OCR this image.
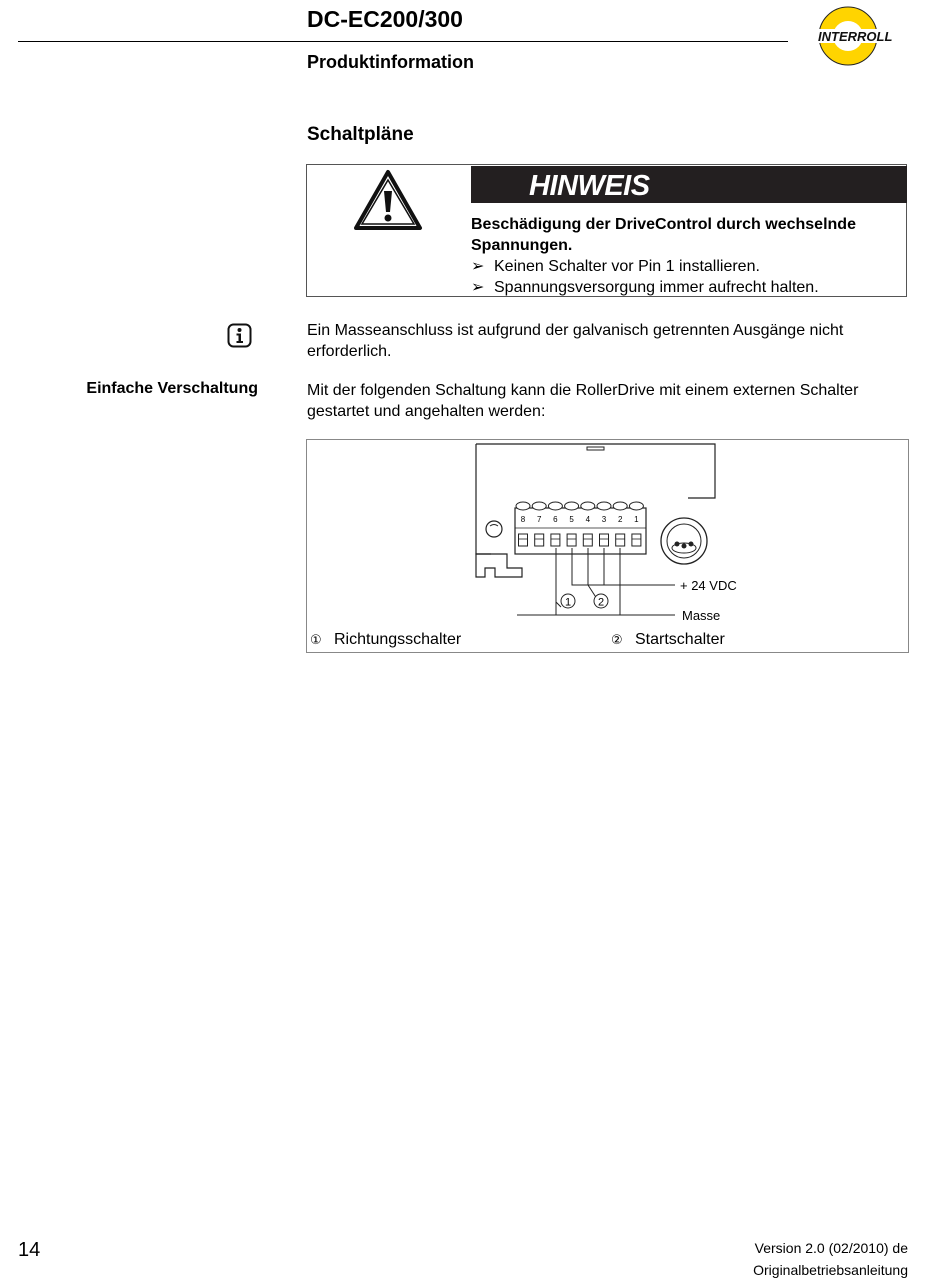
DC-EC200/300
Produktinformation
INTERROLL
Schaltpläne
HINWEIS
Beschädigung der DriveControl durch wechselnde Spannungen.
➢ Keinen Schalter vor Pin 1 installieren.
➢ Spannungsversorgung immer aufrecht halten.
Ein Masseanschluss ist aufgrund der galvanisch getrennten Ausgänge nicht erforderlich.
Einfache Verschaltung	Mit der folgenden Schaltung kann die RollerDrive mit einem externen Schalter gestartet und angehalten werden:
8 7 6 5 4 3 2 1
1 2
+ 24 VDC
Masse
① Richtungsschalter	② Startschalter
14	Version 2.0 (02/2010) de
Originalbetriebsanleitung
